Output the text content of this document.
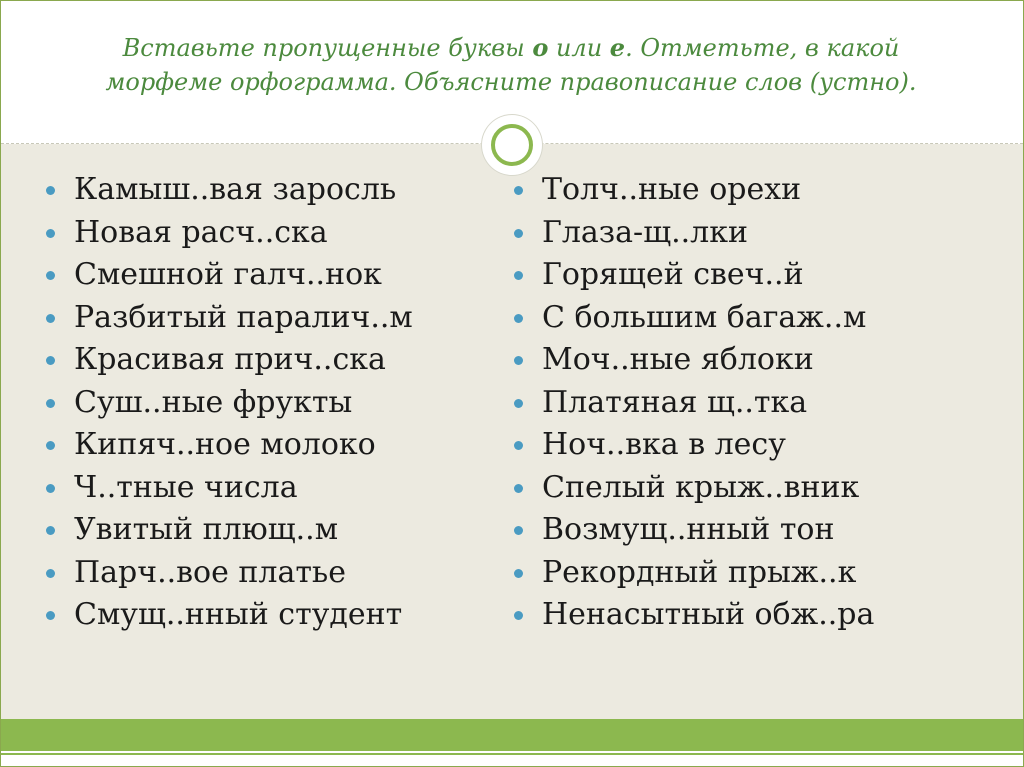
Вставьте пропущенные буквы о или е. Отметьте, в какой
морфеме орфограмма. Объясните правописание слов (устно).
Камыш..вая заросль
Новая расч..ска
Смешной галч..нок
Разбитый паралич..м
Красивая прич..ска
Суш..ные фрукты
Кипяч..ное молоко
Ч..тные числа
Увитый плющ..м
Парч..вое платье
Смущ..нный студент
Толч..ные орехи
Глаза-щ..лки
Горящей свеч..й
С большим багаж..м
Моч..ные яблоки
Платяная щ..тка
Ноч..вка в лесу
Спелый крыж..вник
Возмущ..нный тон
Рекордный прыж..к
Ненасытный обж..ра
